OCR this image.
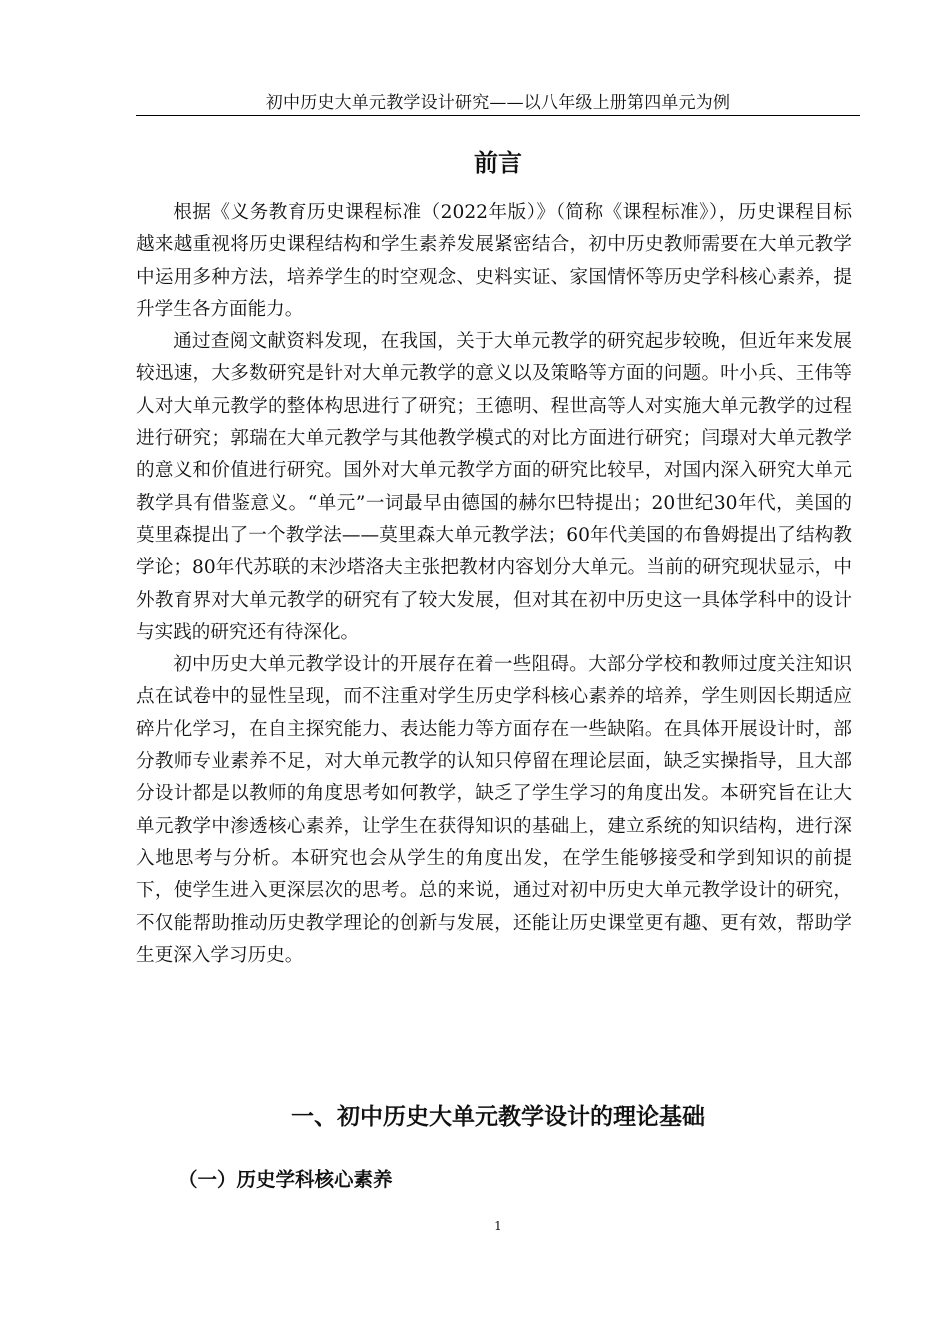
初中历史大单元教学设计研究——以八年级上册第四单元为例
前言

根据《义务教育历史课程标准（2022年版）》（简称《课程标准》），历史课程目标越来越重视将历史课程结构和学生素养发展紧密结合，初中历史教师需要在大单元教学中运用多种方法，培养学生的时空观念、史料实证、家国情怀等历史学科核心素养，提升学生各方面能力。

通过查阅文献资料发现，在我国，关于大单元教学的研究起步较晚，但近年来发展较迅速，大多数研究是针对大单元教学的意义以及策略等方面的问题。叶小兵、王伟等人对大单元教学的整体构思进行了研究；王德明、程世高等人对实施大单元教学的过程进行研究；郭瑞在大单元教学与其他教学模式的对比方面进行研究；闫璟对大单元教学的意义和价值进行研究。国外对大单元教学方面的研究比较早，对国内深入研究大单元教学具有借鉴意义。“单元”一词最早由德国的赫尔巴特提出；20世纪30年代，美国的莫里森提出了一个教学法——莫里森大单元教学法；60年代美国的布鲁姆提出了结构教学论；80年代苏联的末沙塔洛夫主张把教材内容划分大单元。当前的研究现状显示，中外教育界对大单元教学的研究有了较大发展，但对其在初中历史这一具体学科中的设计与实践的研究还有待深化。

初中历史大单元教学设计的开展存在着一些阻碍。大部分学校和教师过度关注知识点在试卷中的显性呈现，而不注重对学生历史学科核心素养的培养，学生则因长期适应碎片化学习，在自主探究能力、表达能力等方面存在一些缺陷。在具体开展设计时，部分教师专业素养不足，对大单元教学的认知只停留在理论层面，缺乏实操指导，且大部分设计都是以教师的角度思考如何教学，缺乏了学生学习的角度出发。本研究旨在让大单元教学中渗透核心素养，让学生在获得知识的基础上，建立系统的知识结构，进行深入地思考与分析。本研究也会从学生的角度出发，在学生能够接受和学到知识的前提下，使学生进入更深层次的思考。总的来说，通过对初中历史大单元教学设计的研究，不仅能帮助推动历史教学理论的创新与发展，还能让历史课堂更有趣、更有效，帮助学生更深入学习历史。

一、初中历史大单元教学设计的理论基础
（一）历史学科核心素养
1
